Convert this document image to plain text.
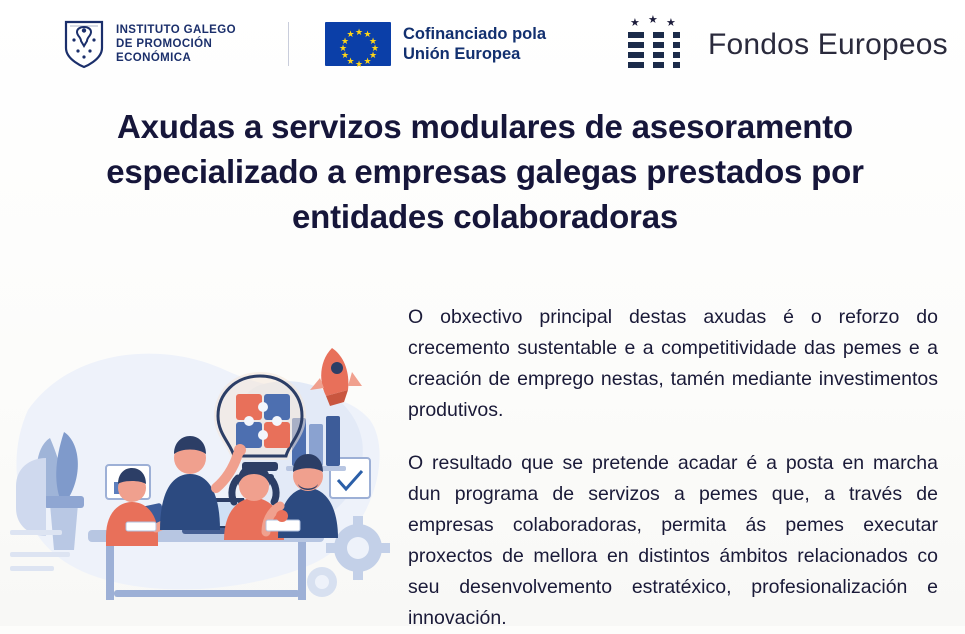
INSTITUTO GALEGO
DE PROMOCIÓN
ECONÓMICA
★ ★
★
★
★
★
★
★
★
★
★
★	Cofinanciado pola
Unión Europea
★ ★ ★
Fondos Europeos
Axudas a servizos modulares de asesoramento especializado a empresas galegas prestados por entidades colaboradoras

O obxectivo principal destas axudas é o reforzo do crecemento sustentable e a competitividade das pemes e a creación de emprego nestas, tamén mediante investimentos produtivos.

O resultado que se pretende acadar é a posta en marcha dun programa de servizos a pemes que, a través de empresas colaboradoras, permita ás pemes executar proxectos de mellora en distintos ámbitos relacionados co seu desenvolvemento estratéxico, profesionalización e innovación.
